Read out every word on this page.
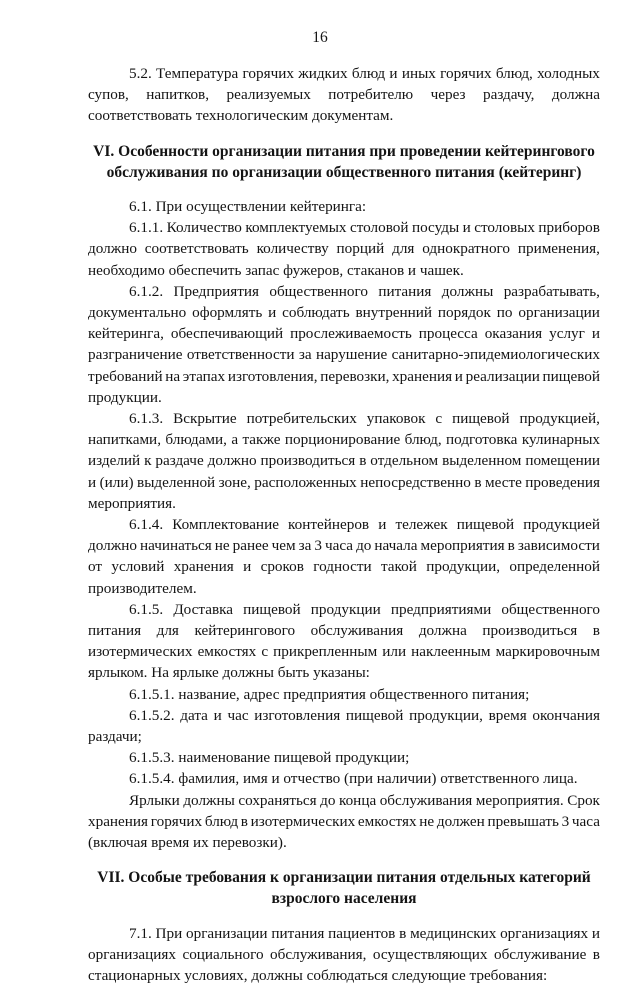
16
5.2. Температура горячих жидких блюд и иных горячих блюд, холодных
супов, напитков, реализуемых потребителю через раздачу, должна
соответствовать технологическим документам.
VI. Особенности организации питания при проведении кейтерингового
обслуживания по организации общественного питания (кейтеринг)
6.1. При осуществлении кейтеринга:
6.1.1. Количество комплектуемых столовой посуды и столовых приборов
должно соответствовать количеству порций для однократного применения,
необходимо обеспечить запас фужеров, стаканов и чашек.
6.1.2. Предприятия общественного питания должны разрабатывать,
документально оформлять и соблюдать внутренний порядок по организации
кейтеринга, обеспечивающий прослеживаемость процесса оказания услуг и
разграничение ответственности за нарушение санитарно-эпидемиологических
требований на этапах изготовления, перевозки, хранения и реализации пищевой
продукции.
6.1.3. Вскрытие потребительских упаковок с пищевой продукцией,
напитками, блюдами, а также порционирование блюд, подготовка кулинарных
изделий к раздаче должно производиться в отдельном выделенном помещении
и (или) выделенной зоне, расположенных непосредственно в месте проведения
мероприятия.
6.1.4. Комплектование контейнеров и тележек пищевой продукцией
должно начинаться не ранее чем за 3 часа до начала мероприятия в зависимости
от условий хранения и сроков годности такой продукции, определенной
производителем.
6.1.5. Доставка пищевой продукции предприятиями общественного
питания для кейтерингового обслуживания должна производиться в
изотермических емкостях с прикрепленным или наклеенным маркировочным
ярлыком. На ярлыке должны быть указаны:
6.1.5.1. название, адрес предприятия общественного питания;
6.1.5.2. дата и час изготовления пищевой продукции, время окончания
раздачи;
6.1.5.3. наименование пищевой продукции;
6.1.5.4. фамилия, имя и отчество (при наличии) ответственного лица.
Ярлыки должны сохраняться до конца обслуживания мероприятия. Срок
хранения горячих блюд в изотермических емкостях не должен превышать 3 часа
(включая время их перевозки).
VII. Особые требования к организации питания отдельных категорий
взрослого населения
7.1. При организации питания пациентов в медицинских организациях и
организациях социального обслуживания, осуществляющих обслуживание в
стационарных условиях, должны соблюдаться следующие требования:
